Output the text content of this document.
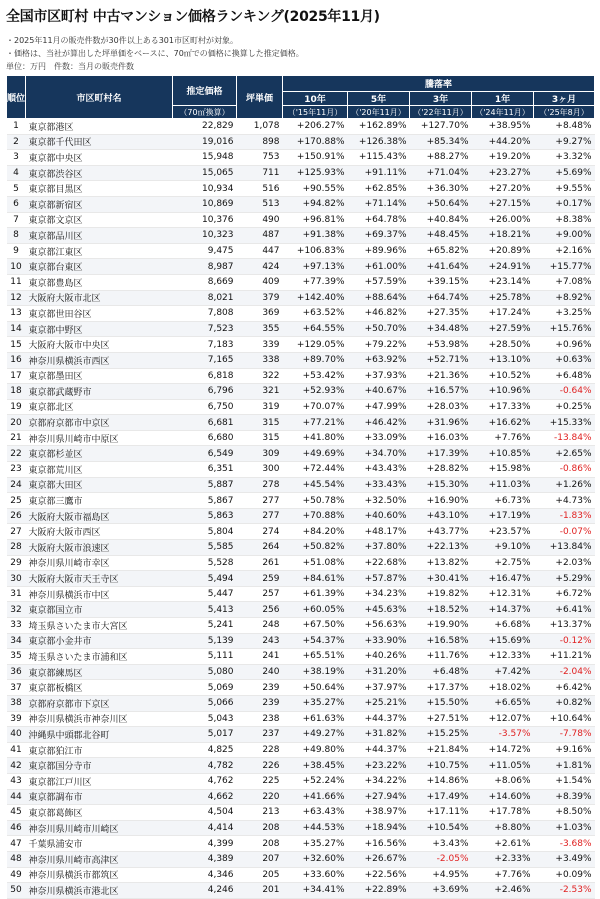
全国市区町村 中古マンション価格ランキング(2025年11月)
・2025年11月の販売件数が30件以上ある301市区町村が対象。
・価格は、当社が算出した坪単価をベースに、70㎡での価格に換算した推定価格。
単位：万円　件数：当月の販売件数
順位	市区町村名	推定価格	坪単価	騰落率				
				10年	5年	3年	1年	3ヶ月
		（70㎡換算）		（'15年11月）	（'20年11月）	（'22年11月）	（'24年11月）	（'25年8月）
1	東京都港区	22,829	1,078	+206.27%	+162.89%	+127.70%	+38.95%	+8.48%
2	東京都千代田区	19,016	898	+170.88%	+126.38%	+85.34%	+44.20%	+9.27%
3	東京都中央区	15,948	753	+150.91%	+115.43%	+88.27%	+19.20%	+3.32%
4	東京都渋谷区	15,065	711	+125.93%	+91.11%	+71.04%	+23.27%	+5.69%
5	東京都目黒区	10,934	516	+90.55%	+62.85%	+36.30%	+27.20%	+9.55%
6	東京都新宿区	10,869	513	+94.82%	+71.14%	+50.64%	+27.15%	+0.17%
7	東京都文京区	10,376	490	+96.81%	+64.78%	+40.84%	+26.00%	+8.38%
8	東京都品川区	10,323	487	+91.38%	+69.37%	+48.45%	+18.21%	+9.00%
9	東京都江東区	9,475	447	+106.83%	+89.96%	+65.82%	+20.89%	+2.16%
10	東京都台東区	8,987	424	+97.13%	+61.00%	+41.64%	+24.91%	+15.77%
11	東京都豊島区	8,669	409	+77.39%	+57.59%	+39.15%	+23.14%	+7.08%
12	大阪府大阪市北区	8,021	379	+142.40%	+88.64%	+64.74%	+25.78%	+8.92%
13	東京都世田谷区	7,808	369	+63.52%	+46.82%	+27.35%	+17.24%	+3.25%
14	東京都中野区	7,523	355	+64.55%	+50.70%	+34.48%	+27.59%	+15.76%
15	大阪府大阪市中央区	7,183	339	+129.05%	+79.22%	+53.98%	+28.50%	+0.96%
16	神奈川県横浜市西区	7,165	338	+89.70%	+63.92%	+52.71%	+13.10%	+0.63%
17	東京都墨田区	6,818	322	+53.42%	+37.93%	+21.36%	+10.52%	+6.48%
18	東京都武蔵野市	6,796	321	+52.93%	+40.67%	+16.57%	+10.96%	-0.64%
19	東京都北区	6,750	319	+70.07%	+47.99%	+28.03%	+17.33%	+0.25%
20	京都府京都市中京区	6,681	315	+77.21%	+46.42%	+31.96%	+16.62%	+15.33%
21	神奈川県川崎市中原区	6,680	315	+41.80%	+33.09%	+16.03%	+7.76%	-13.84%
22	東京都杉並区	6,549	309	+49.69%	+34.70%	+17.39%	+10.85%	+2.65%
23	東京都荒川区	6,351	300	+72.44%	+43.43%	+28.82%	+15.98%	-0.86%
24	東京都大田区	5,887	278	+45.54%	+33.43%	+15.30%	+11.03%	+1.26%
25	東京都三鷹市	5,867	277	+50.78%	+32.50%	+16.90%	+6.73%	+4.73%
26	大阪府大阪市福島区	5,863	277	+70.88%	+40.60%	+43.10%	+17.19%	-1.83%
27	大阪府大阪市西区	5,804	274	+84.20%	+48.17%	+43.77%	+23.57%	-0.07%
28	大阪府大阪市浪速区	5,585	264	+50.82%	+37.80%	+22.13%	+9.10%	+13.84%
29	神奈川県川崎市幸区	5,528	261	+51.08%	+22.68%	+13.82%	+2.75%	+2.03%
30	大阪府大阪市天王寺区	5,494	259	+84.61%	+57.87%	+30.41%	+16.47%	+5.29%
31	神奈川県横浜市中区	5,447	257	+61.39%	+34.23%	+19.82%	+12.31%	+6.72%
32	東京都国立市	5,413	256	+60.05%	+45.63%	+18.52%	+14.37%	+6.41%
33	埼玉県さいたま市大宮区	5,241	248	+67.50%	+56.63%	+19.90%	+6.68%	+13.37%
34	東京都小金井市	5,139	243	+54.37%	+33.90%	+16.58%	+15.69%	-0.12%
35	埼玉県さいたま市浦和区	5,111	241	+65.51%	+40.26%	+11.76%	+12.33%	+11.21%
36	東京都練馬区	5,080	240	+38.19%	+31.20%	+6.48%	+7.42%	-2.04%
37	東京都板橋区	5,069	239	+50.64%	+37.97%	+17.37%	+18.02%	+6.42%
38	京都府京都市下京区	5,066	239	+35.27%	+25.21%	+15.50%	+6.65%	+0.82%
39	神奈川県横浜市神奈川区	5,043	238	+61.63%	+44.37%	+27.51%	+12.07%	+10.64%
40	沖縄県中頭郡北谷町	5,017	237	+49.27%	+31.82%	+15.25%	-3.57%	-7.78%
41	東京都狛江市	4,825	228	+49.80%	+44.37%	+21.84%	+14.72%	+9.16%
42	東京都国分寺市	4,782	226	+38.45%	+23.22%	+10.75%	+11.05%	+1.81%
43	東京都江戸川区	4,762	225	+52.24%	+34.22%	+14.86%	+8.06%	+1.54%
44	東京都調布市	4,662	220	+41.66%	+27.94%	+17.49%	+14.60%	+8.39%
45	東京都葛飾区	4,504	213	+63.43%	+38.97%	+17.11%	+17.78%	+8.50%
46	神奈川県川崎市川崎区	4,414	208	+44.53%	+18.94%	+10.54%	+8.80%	+1.03%
47	千葉県浦安市	4,399	208	+35.27%	+16.56%	+3.43%	+2.61%	-3.68%
48	神奈川県川崎市高津区	4,389	207	+32.60%	+26.67%	-2.05%	+2.33%	+3.49%
49	神奈川県横浜市都筑区	4,346	205	+33.60%	+22.56%	+4.95%	+7.76%	+0.09%
50	神奈川県横浜市港北区	4,246	201	+34.41%	+22.89%	+3.69%	+2.46%	-2.53%
